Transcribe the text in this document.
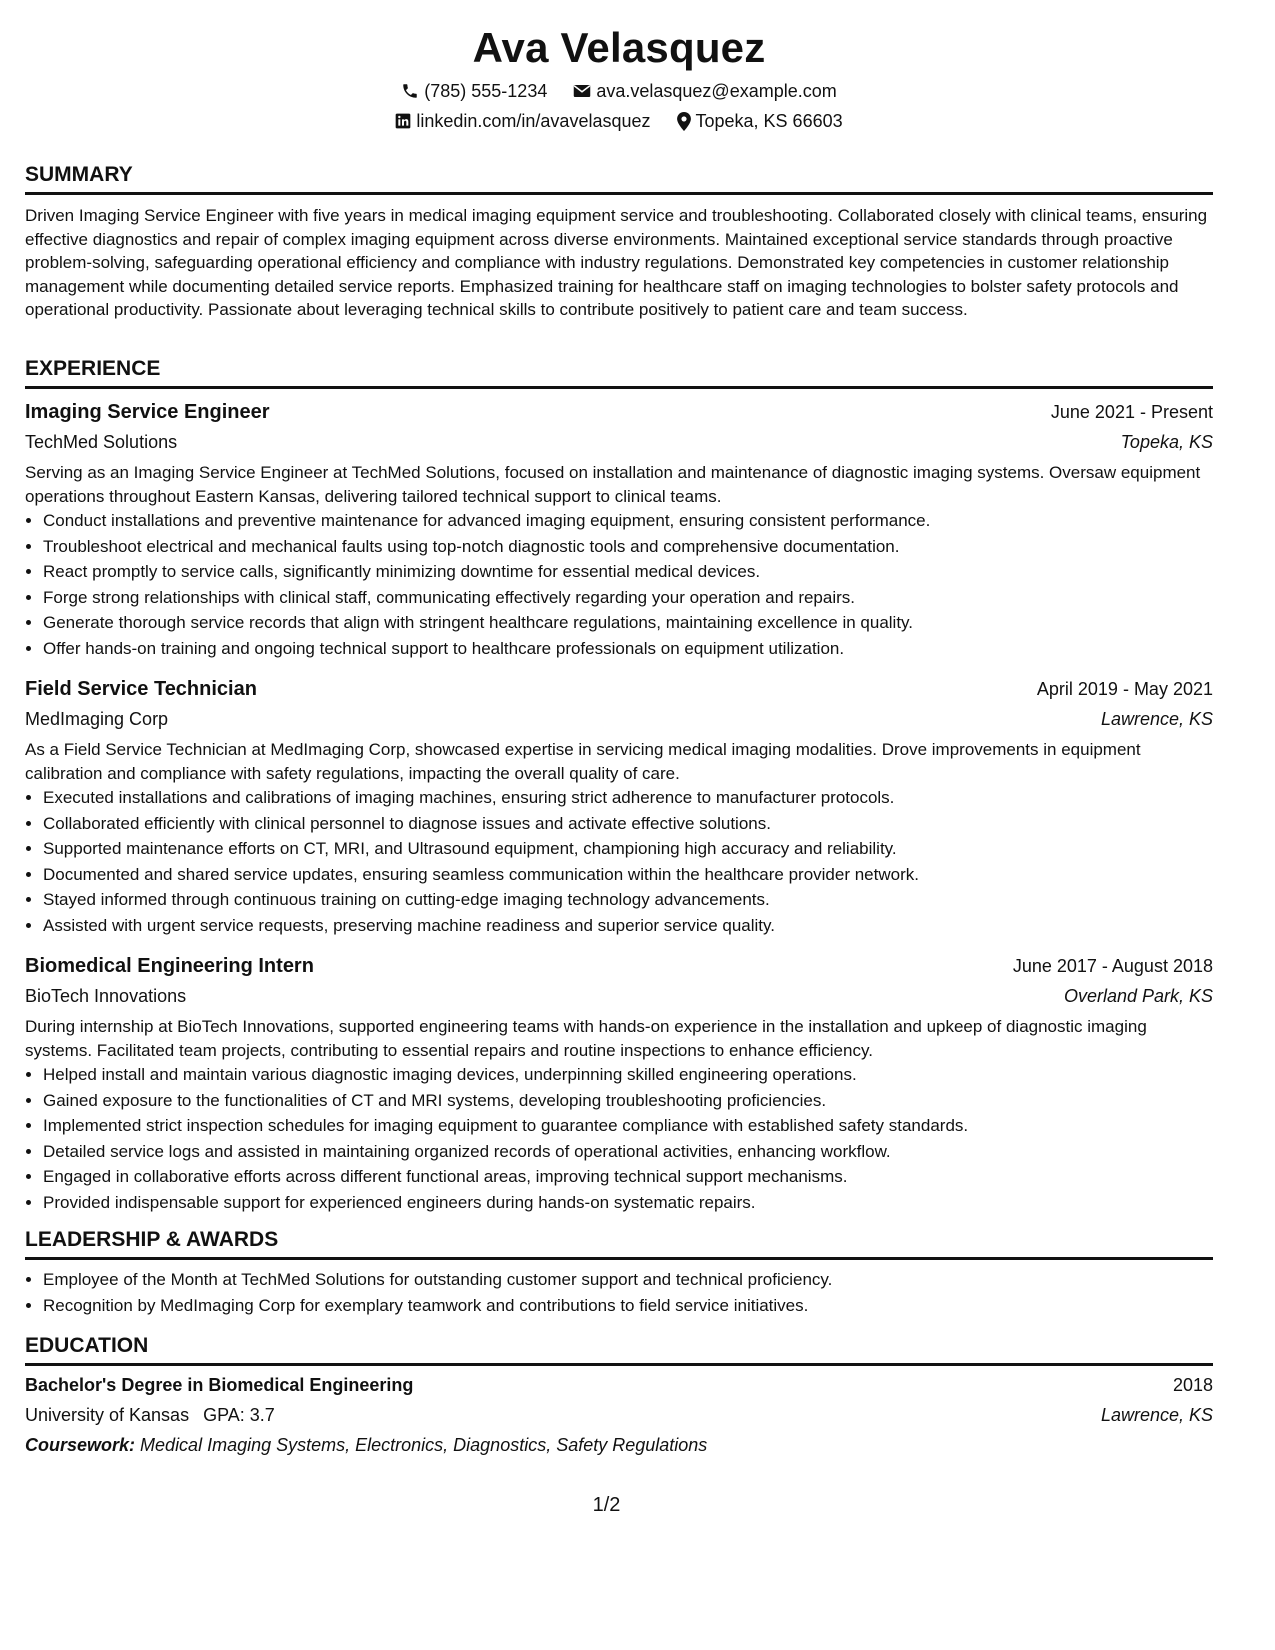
Ava Velasquez
(785) 555-1234	ava.velasquez@example.com
linkedin.com/in/avavelasquez	Topeka, KS 66603
SUMMARY
Driven Imaging Service Engineer with five years in medical imaging equipment service and troubleshooting. Collaborated closely with clinical teams, ensuring effective diagnostics and repair of complex imaging equipment across diverse environments. Maintained exceptional service standards through proactive problem-solving, safeguarding operational efficiency and compliance with industry regulations. Demonstrated key competencies in customer relationship management while documenting detailed service reports. Emphasized training for healthcare staff on imaging technologies to bolster safety protocols and operational productivity. Passionate about leveraging technical skills to contribute positively to patient care and team success.
EXPERIENCE
Imaging Service Engineer	June 2021 - Present
TechMed Solutions	Topeka, KS
Serving as an Imaging Service Engineer at TechMed Solutions, focused on installation and maintenance of diagnostic imaging systems. Oversaw equipment operations throughout Eastern Kansas, delivering tailored technical support to clinical teams.
• Conduct installations and preventive maintenance for advanced imaging equipment, ensuring consistent performance.
• Troubleshoot electrical and mechanical faults using top-notch diagnostic tools and comprehensive documentation.
• React promptly to service calls, significantly minimizing downtime for essential medical devices.
• Forge strong relationships with clinical staff, communicating effectively regarding your operation and repairs.
• Generate thorough service records that align with stringent healthcare regulations, maintaining excellence in quality.
• Offer hands-on training and ongoing technical support to healthcare professionals on equipment utilization.
Field Service Technician	April 2019 - May 2021
MedImaging Corp	Lawrence, KS
As a Field Service Technician at MedImaging Corp, showcased expertise in servicing medical imaging modalities. Drove improvements in equipment calibration and compliance with safety regulations, impacting the overall quality of care.
• Executed installations and calibrations of imaging machines, ensuring strict adherence to manufacturer protocols.
• Collaborated efficiently with clinical personnel to diagnose issues and activate effective solutions.
• Supported maintenance efforts on CT, MRI, and Ultrasound equipment, championing high accuracy and reliability.
• Documented and shared service updates, ensuring seamless communication within the healthcare provider network.
• Stayed informed through continuous training on cutting-edge imaging technology advancements.
• Assisted with urgent service requests, preserving machine readiness and superior service quality.
Biomedical Engineering Intern	June 2017 - August 2018
BioTech Innovations	Overland Park, KS
During internship at BioTech Innovations, supported engineering teams with hands-on experience in the installation and upkeep of diagnostic imaging systems. Facilitated team projects, contributing to essential repairs and routine inspections to enhance efficiency.
• Helped install and maintain various diagnostic imaging devices, underpinning skilled engineering operations.
• Gained exposure to the functionalities of CT and MRI systems, developing troubleshooting proficiencies.
• Implemented strict inspection schedules for imaging equipment to guarantee compliance with established safety standards.
• Detailed service logs and assisted in maintaining organized records of operational activities, enhancing workflow.
• Engaged in collaborative efforts across different functional areas, improving technical support mechanisms.
• Provided indispensable support for experienced engineers during hands-on systematic repairs.
LEADERSHIP & AWARDS
• Employee of the Month at TechMed Solutions for outstanding customer support and technical proficiency.
• Recognition by MedImaging Corp for exemplary teamwork and contributions to field service initiatives.
EDUCATION
Bachelor's Degree in Biomedical Engineering	2018
University of Kansas GPA: 3.7	Lawrence, KS
Coursework: Medical Imaging Systems, Electronics, Diagnostics, Safety Regulations
1/2
